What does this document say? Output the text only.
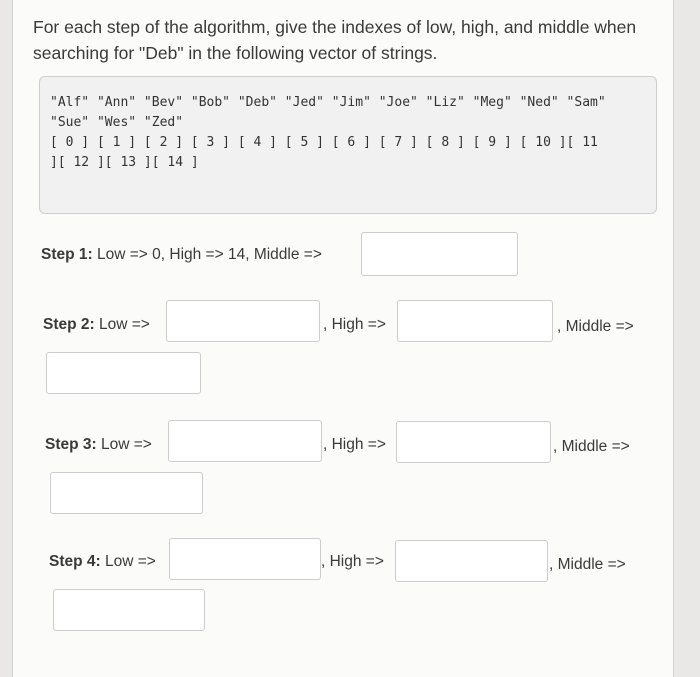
For each step of the algorithm, give the indexes of low, high, and middle when searching for "Deb" in the following vector of strings.
"Alf" "Ann" "Bev" "Bob" "Deb" "Jed" "Jim" "Joe" "Liz" "Meg" "Ned" "Sam"
"Sue" "Wes" "Zed"
[ 0 ] [ 1 ] [ 2 ] [ 3 ] [ 4 ] [ 5 ] [ 6 ] [ 7 ] [ 8 ] [ 9 ] [ 10 ][ 11
][ 12 ][ 13 ][ 14 ]
Step 1: Low => 0, High => 14, Middle =>
Step 2: Low =>	, High =>	, Middle =>
Step 3: Low =>	, High =>	, Middle =>
Step 4: Low =>	, High =>	, Middle =>
